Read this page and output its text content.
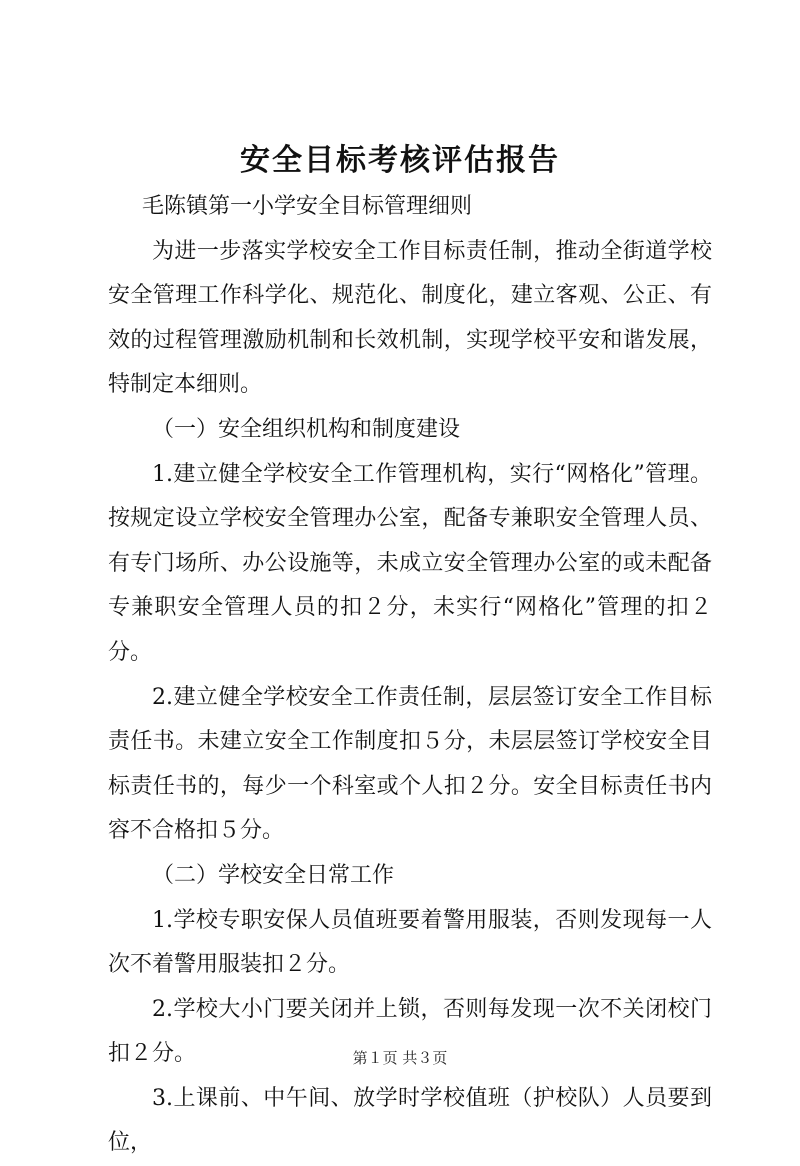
安全目标考核评估报告

毛陈镇第一小学安全目标管理细则

为进一步落实学校安全工作目标责任制，推动全街道学校安全管理工作科学化、规范化、制度化，建立客观、公正、有效的过程管理激励机制和长效机制，实现学校平安和谐发展，特制定本细则。

（一）安全组织机构和制度建设

1.建立健全学校安全工作管理机构，实行“网格化”管理。按规定设立学校安全管理办公室，配备专兼职安全管理人员、有专门场所、办公设施等，未成立安全管理办公室的或未配备专兼职安全管理人员的扣２分，未实行“网格化”管理的扣２分。

2.建立健全学校安全工作责任制，层层签订安全工作目标责任书。未建立安全工作制度扣５分，未层层签订学校安全目标责任书的，每少一个科室或个人扣２分。安全目标责任书内容不合格扣５分。

（二）学校安全日常工作

1.学校专职安保人员值班要着警用服装，否则发现每一人次不着警用服装扣２分。

2.学校大小门要关闭并上锁，否则每发现一次不关闭校门扣２分。

3.上课前、中午间、放学时学校值班（护校队）人员要到位，

第１页 共３页
